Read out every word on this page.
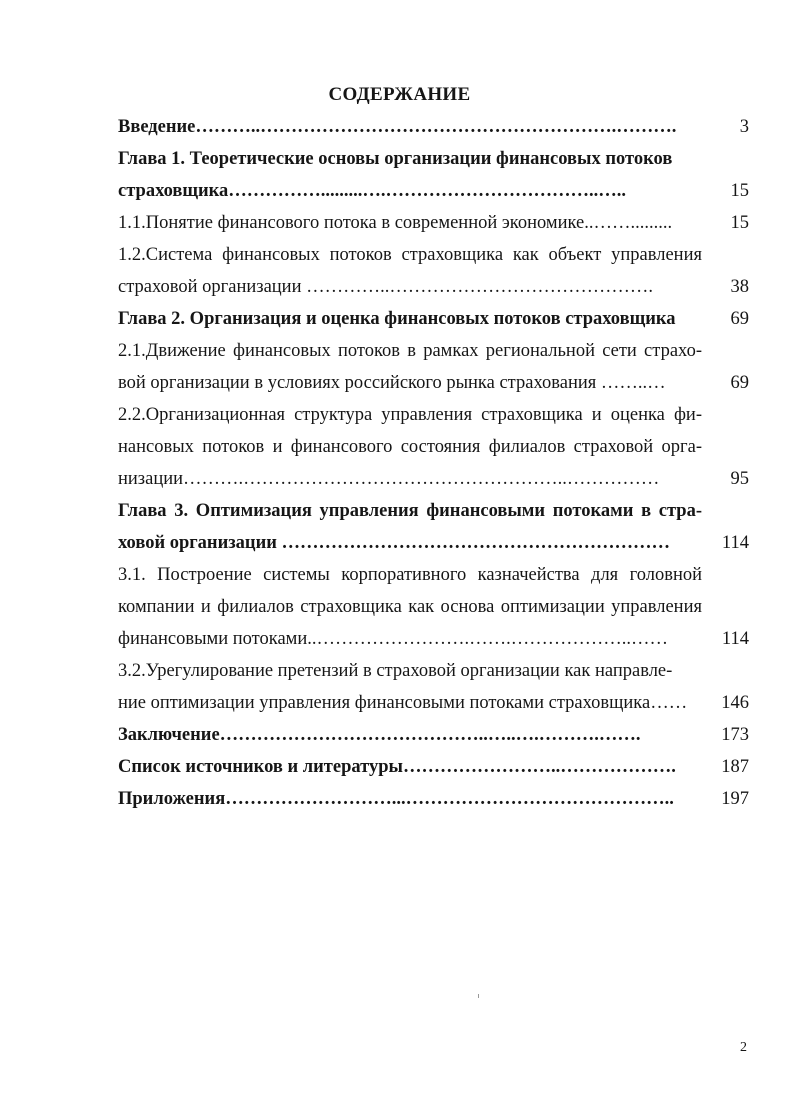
СОДЕРЖАНИЕ
Введение………..………………………………………………….……….	3
Глава 1. Теоретические основы организации финансовых потоков
страховщика…………….........….……………………………..…..	15
1.1.Понятие финансового потока в современной экономике..…….........	15
1.2.Система финансовых потоков страховщика как объект управления
страховой организации …………..…………………………………….	38
Глава 2. Организация и оценка финансовых потоков страховщика	69
2.1.Движение финансовых потоков в рамках региональной сети страхо-
вой организации в условиях российского рынка страхования ……..…	69
2.2.Организационная структура управления страховщика и оценка фи-
нансовых потоков и финансового состояния филиалов страховой орга-
низации……….……………………………………………..……………	95
Глава 3. Оптимизация управления финансовыми потоками в стра-
ховой организации ………………………………………………………	114
3.1. Построение системы корпоративного казначейства для головной
компании и филиалов страховщика как основа оптимизации управления
финансовыми потоками..…………………….…….………………..……	114
3.2.Урегулирование претензий в страховой организации как направле-
ние оптимизации управления финансовыми потоками страховщика……	146
Заключение……………………………………..…..….……….…….	173
Список источников и литературы……………………..……………….	187
Приложения………………………...……………………………………..	197
2
